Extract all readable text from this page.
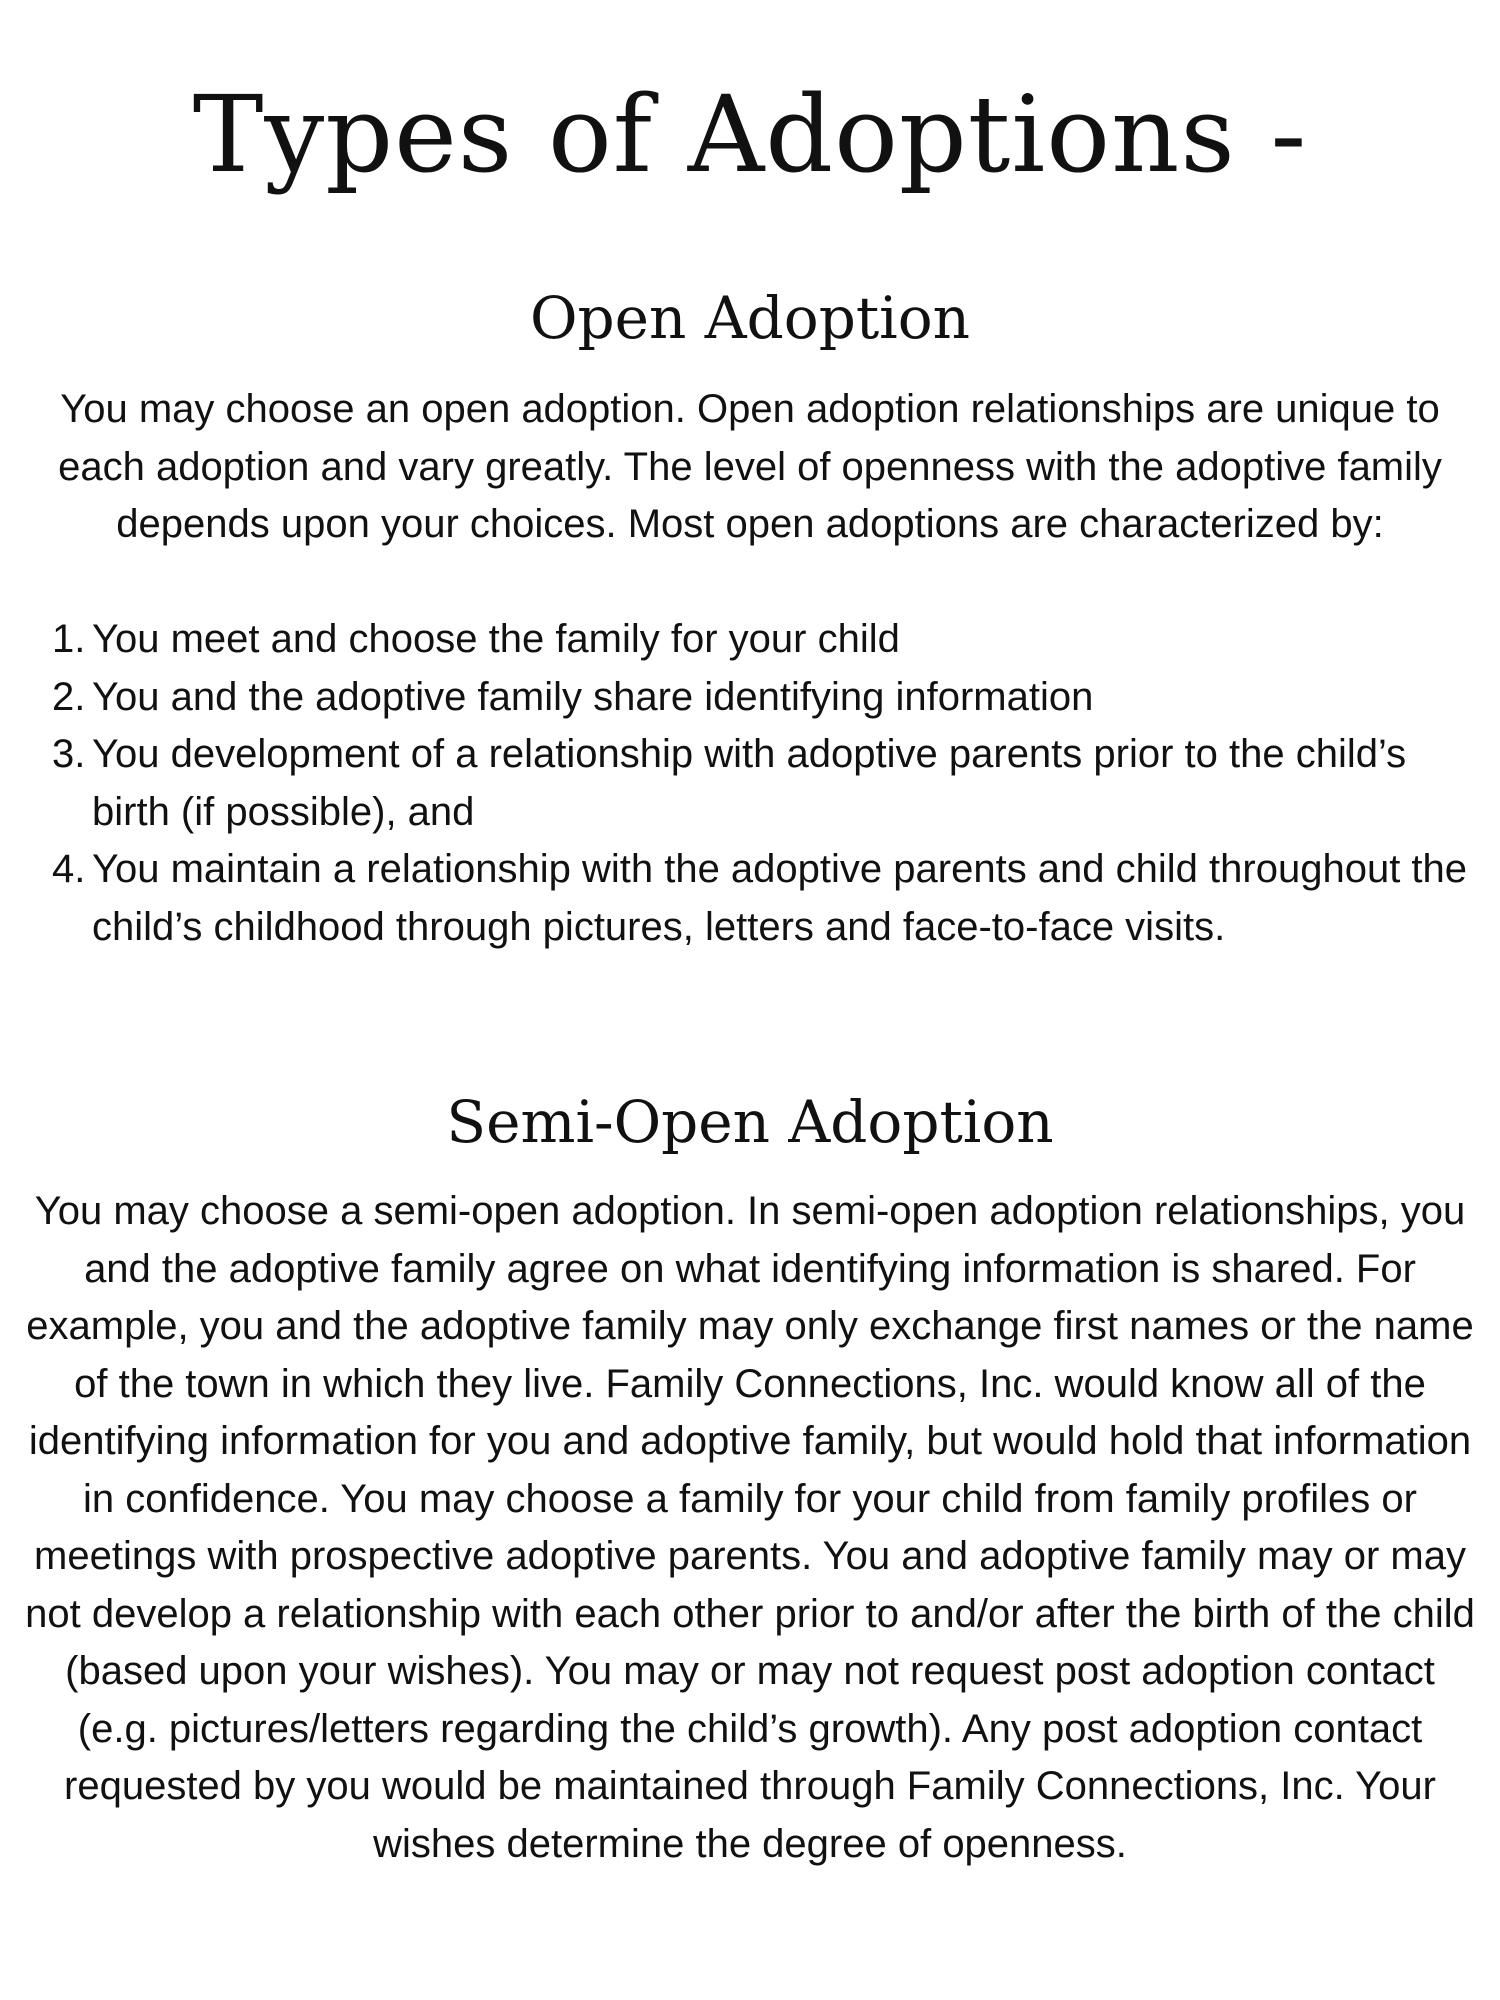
Types of Adoptions -
Open Adoption

You may choose an open adoption. Open adoption relationships are unique to each adoption and vary greatly. The level of openness with the adoptive family depends upon your choices. Most open adoptions are characterized by:

1. You meet and choose the family for your child
2. You and the adoptive family share identifying information
3. You development of a relationship with adoptive parents prior to the child’s birth (if possible), and
4. You maintain a relationship with the adoptive parents and child throughout the child’s childhood through pictures, letters and face-to-face visits.
Semi-Open Adoption

You may choose a semi-open adoption. In semi-open adoption relationships, you and the adoptive family agree on what identifying information is shared. For example, you and the adoptive family may only exchange first names or the name of the town in which they live. Family Connections, Inc. would know all of the identifying information for you and adoptive family, but would hold that information in confidence. You may choose a family for your child from family profiles or meetings with prospective adoptive parents. You and adoptive family may or may not develop a relationship with each other prior to and/or after the birth of the child (based upon your wishes). You may or may not request post adoption contact (e.g. pictures/letters regarding the child’s growth). Any post adoption contact requested by you would be maintained through Family Connections, Inc. Your wishes determine the degree of openness.
